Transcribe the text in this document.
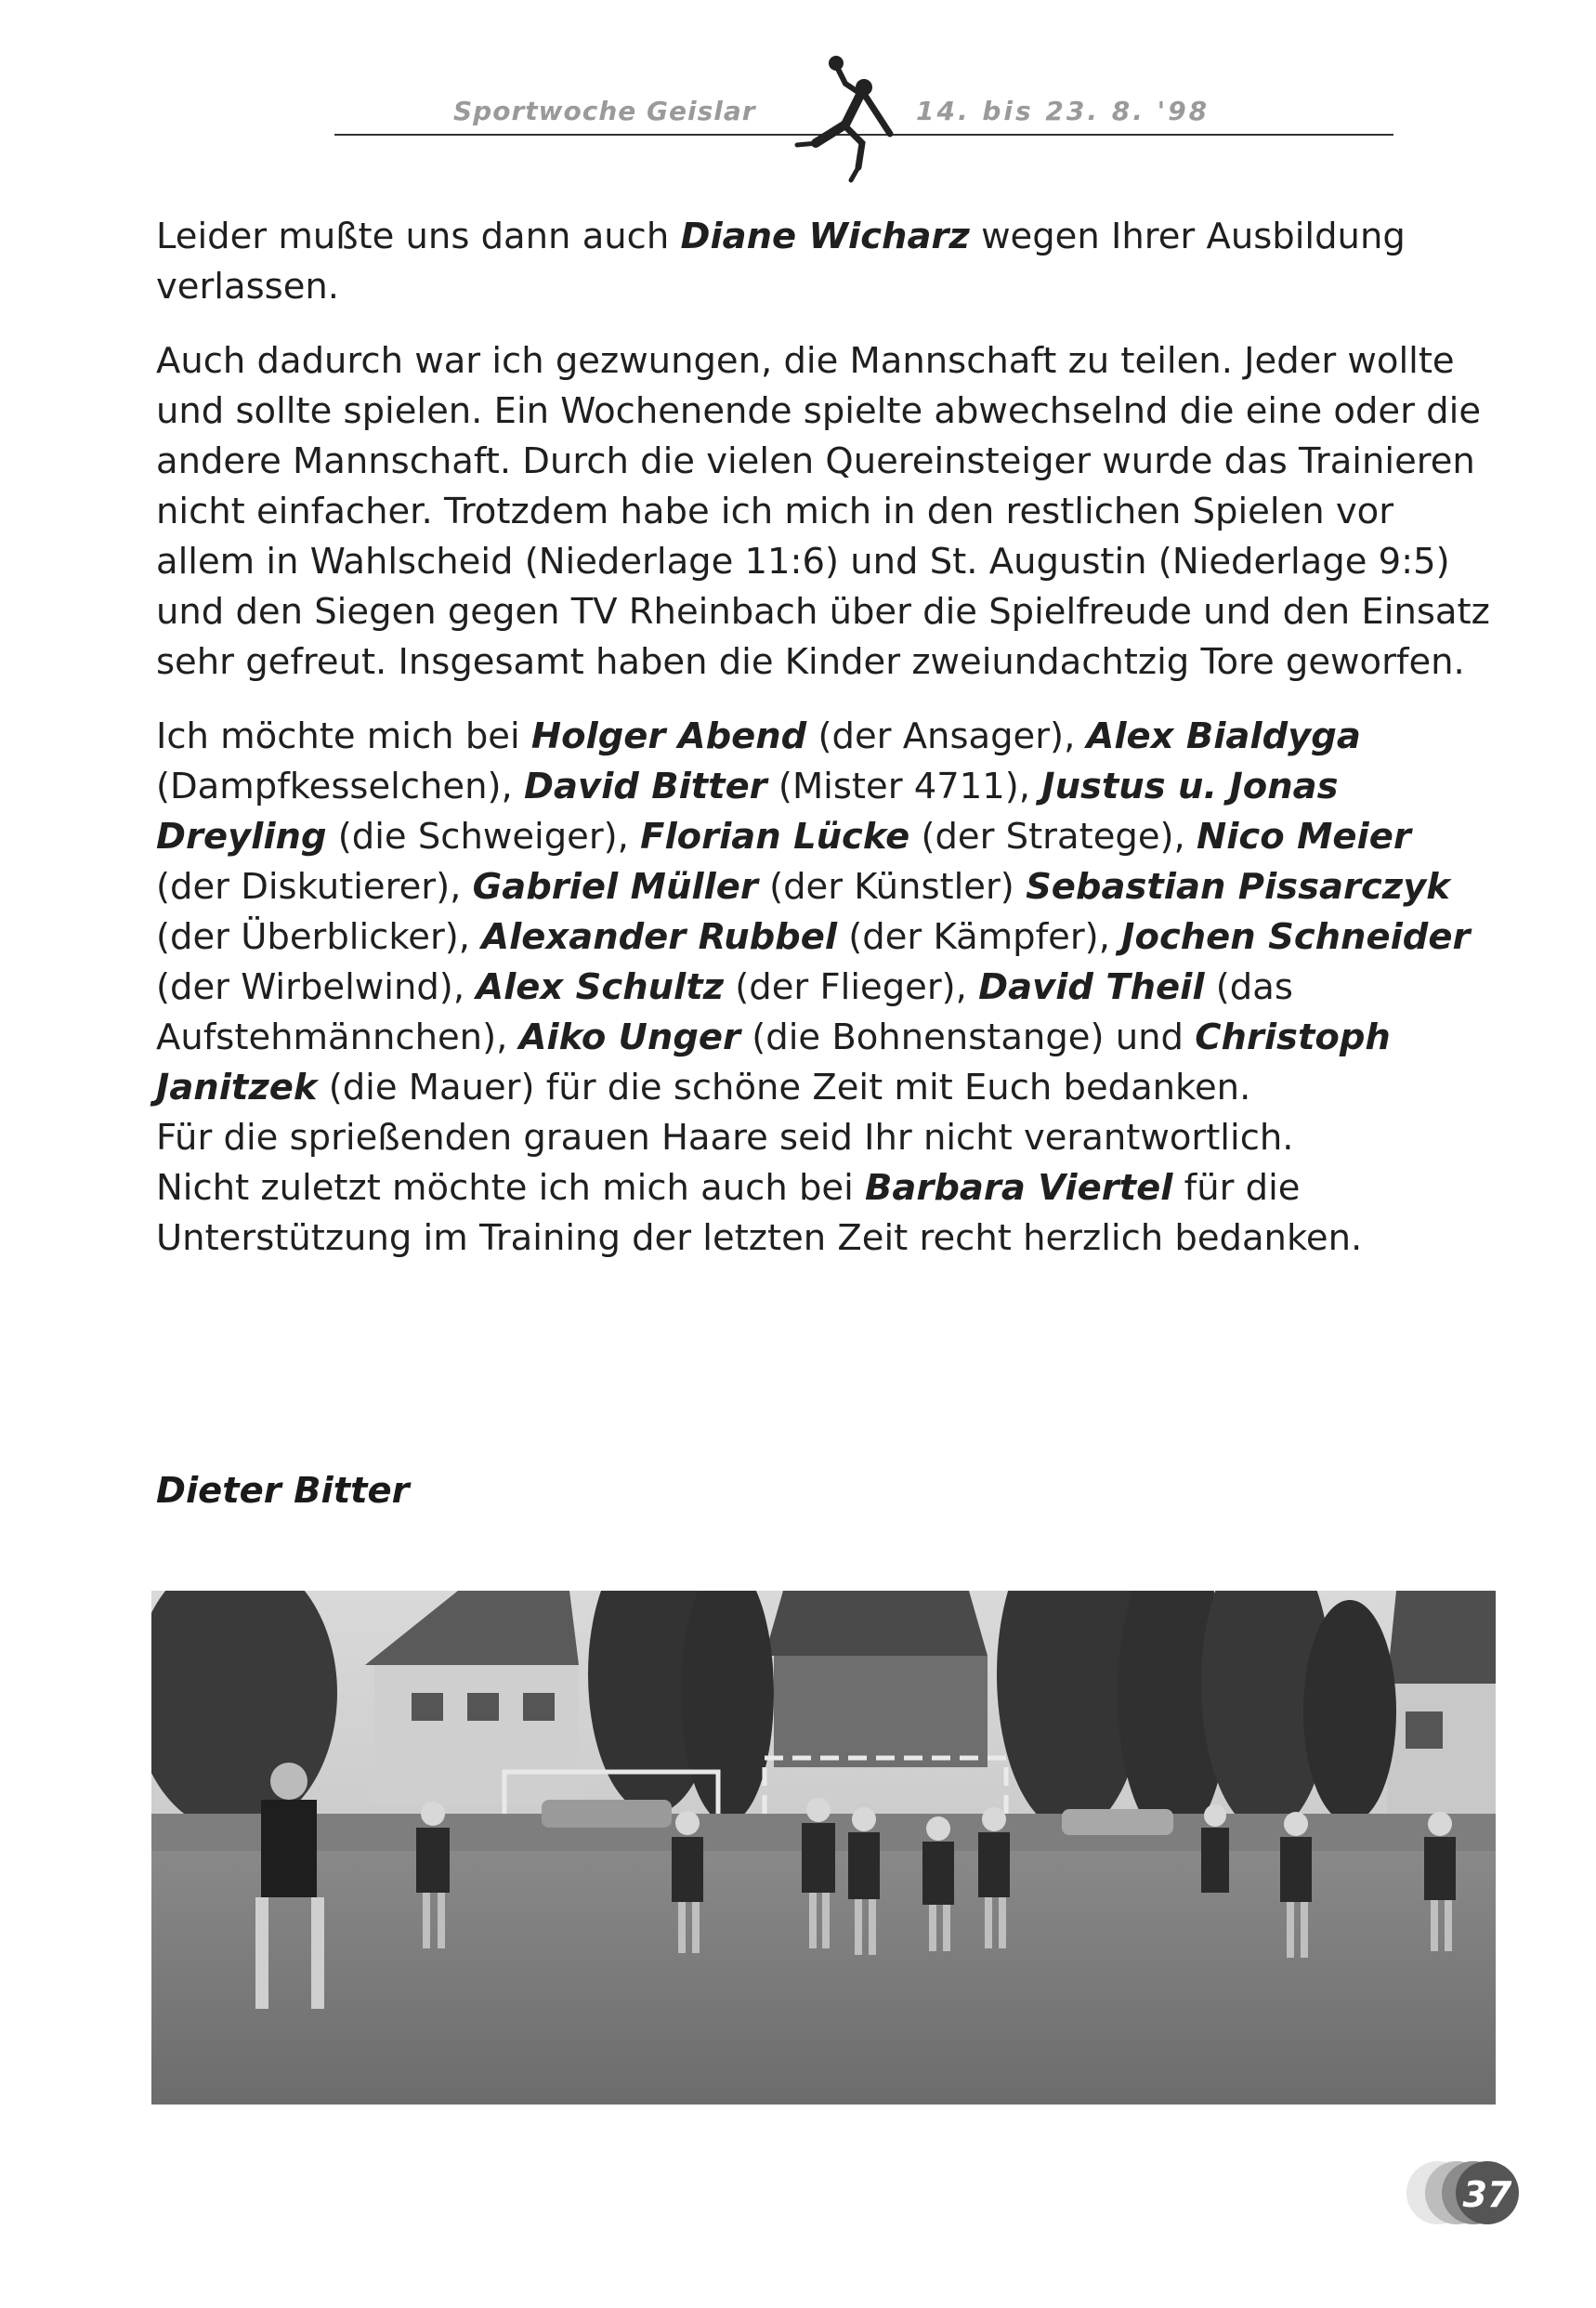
Sportwoche Geislar	14. bis 23. 8. '98

Leider mußte uns dann auch Diane Wicharz wegen Ihrer Ausbildung verlassen.

Auch dadurch war ich gezwungen, die Mannschaft zu teilen. Jeder wollte und sollte spielen. Ein Wochenende spielte abwechselnd die eine oder die andere Mannschaft. Durch die vielen Quereinsteiger wurde das Trainieren nicht einfacher. Trotzdem habe ich mich in den restlichen Spielen vor allem in Wahlscheid (Niederlage 11:6) und St. Augustin (Niederlage 9:5) und den Siegen gegen TV Rheinbach über die Spielfreude und den Einsatz sehr gefreut. Insgesamt haben die Kinder zweiundachtzig Tore geworfen.

Ich möchte mich bei Holger Abend (der Ansager), Alex Bialdyga (Dampfkesselchen), David Bitter (Mister 4711), Justus u. Jonas Dreyling (die Schweiger), Florian Lücke (der Stratege), Nico Meier (der Diskutierer), Gabriel Müller (der Künstler) Sebastian Pissarczyk (der Überblicker), Alexander Rubbel (der Kämpfer), Jochen Schneider (der Wirbelwind), Alex Schultz (der Flieger), David Theil (das Aufstehmännchen), Aiko Unger (die Bohnenstange) und Christoph Janitzek (die Mauer) für die schöne Zeit mit Euch bedanken.

Für die sprießenden grauen Haare seid Ihr nicht verantwortlich.

Nicht zuletzt möchte ich mich auch bei Barbara Viertel für die Unterstützung im Training der letzten Zeit recht herzlich bedanken.

Dieter Bitter
37
